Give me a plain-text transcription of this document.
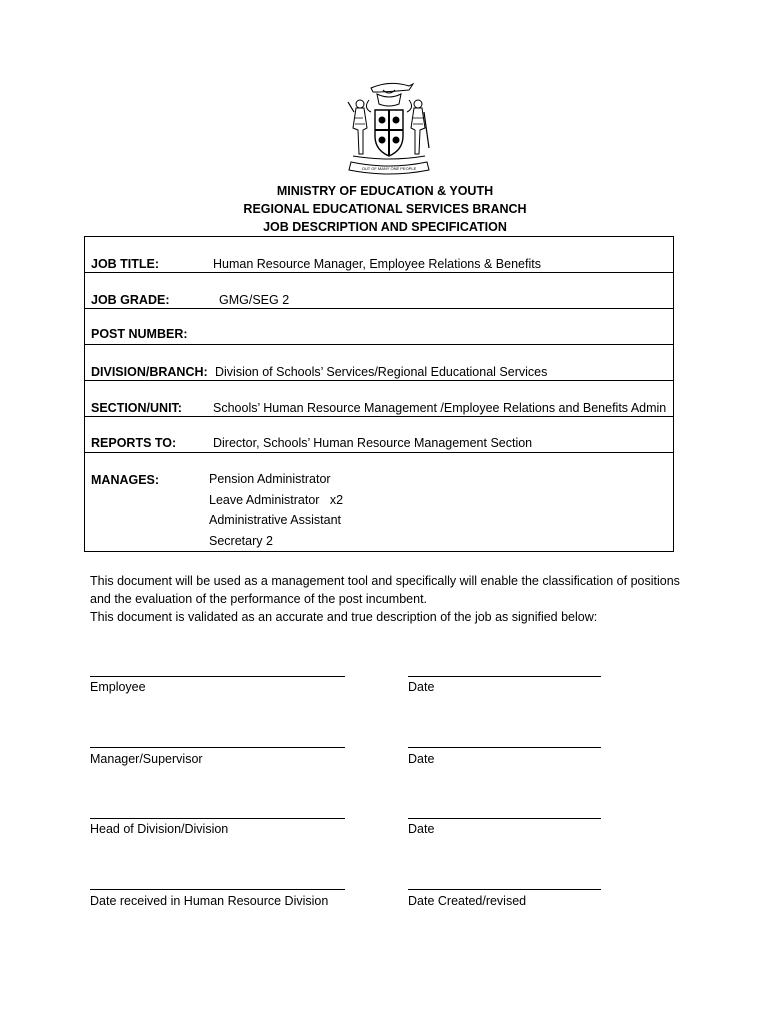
OUT OF MANY ONE PEOPLE
MINISTRY OF EDUCATION & YOUTH
REGIONAL EDUCATIONAL SERVICES BRANCH
JOB DESCRIPTION AND SPECIFICATION
JOB TITLE:	Human Resource Manager, Employee Relations & Benefits
JOB GRADE:	GMG/SEG 2
POST NUMBER:
DIVISION/BRANCH: Division of Schools’ Services/Regional Educational Services
SECTION/UNIT: Schools’ Human Resource Management /Employee Relations and Benefits Admin
REPORTS TO:	Director, Schools’ Human Resource Management Section
MANAGES:	Pension Administrator
Leave Administrator   x2
Administrative Assistant
Secretary 2
This document will be used as a management tool and specifically will enable the classification of positions
and the evaluation of the performance of the post incumbent.
This document is validated as an accurate and true description of the job as signified below:
Employee	Date
Manager/Supervisor	Date
Head of Division/Division	Date
Date received in Human Resource Division	Date Created/revised
